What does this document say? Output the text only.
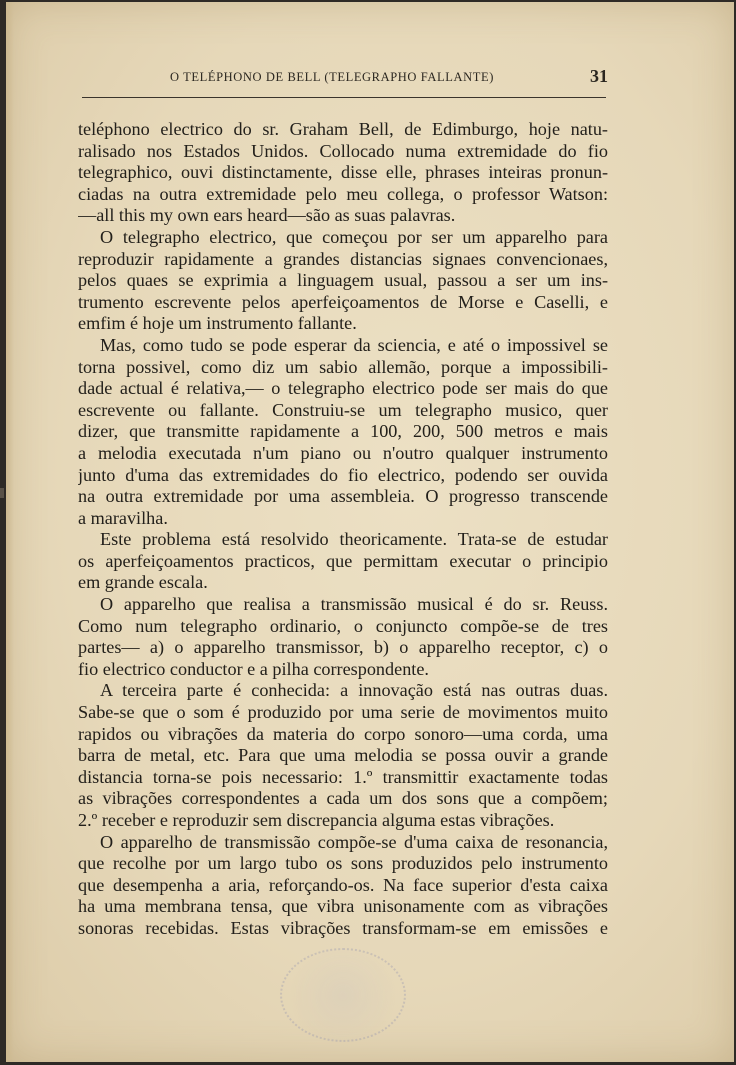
O TELÉPHONO DE BELL (TELEGRAPHO FALLANTE)	31
teléphono electrico do sr. Graham Bell, de Edimburgo, hoje natu-
ralisado nos Estados Unidos. Collocado numa extremidade do fio
telegraphico, ouvi distinctamente, disse elle, phrases inteiras pronun-
ciadas na outra extremidade pelo meu collega, o professor Watson:
—all this my own ears heard—são as suas palavras.
O telegrapho electrico, que começou por ser um apparelho para
reproduzir rapidamente a grandes distancias signaes convencionaes,
pelos quaes se exprimia a linguagem usual, passou a ser um ins-
trumento escrevente pelos aperfeiçoamentos de Morse e Caselli, e
emfim é hoje um instrumento fallante.
Mas, como tudo se pode esperar da sciencia, e até o impossivel se
torna possivel, como diz um sabio allemão, porque a impossibili-
dade actual é relativa,— o telegrapho electrico pode ser mais do que
escrevente ou fallante. Construiu-se um telegrapho musico, quer
dizer, que transmitte rapidamente a 100, 200, 500 metros e mais
a melodia executada n'um piano ou n'outro qualquer instrumento
junto d'uma das extremidades do fio electrico, podendo ser ouvida
na outra extremidade por uma assembleia. O progresso transcende
a maravilha.
Este problema está resolvido theoricamente. Trata-se de estudar
os aperfeiçoamentos practicos, que permittam executar o principio
em grande escala.
O apparelho que realisa a transmissão musical é do sr. Reuss.
Como num telegrapho ordinario, o conjuncto compõe-se de tres
partes— a) o apparelho transmissor, b) o apparelho receptor, c) o
fio electrico conductor e a pilha correspondente.
A terceira parte é conhecida: a innovação está nas outras duas.
Sabe-se que o som é produzido por uma serie de movimentos muito
rapidos ou vibrações da materia do corpo sonoro—uma corda, uma
barra de metal, etc. Para que uma melodia se possa ouvir a grande
distancia torna-se pois necessario: 1.º transmittir exactamente todas
as vibrações correspondentes a cada um dos sons que a compõem;
2.º receber e reproduzir sem discrepancia alguma estas vibrações.
O apparelho de transmissão compõe-se d'uma caixa de resonancia,
que recolhe por um largo tubo os sons produzidos pelo instrumento
que desempenha a aria, reforçando-os. Na face superior d'esta caixa
ha uma membrana tensa, que vibra unisonamente com as vibrações
sonoras recebidas. Estas vibrações transformam-se em emissões e
